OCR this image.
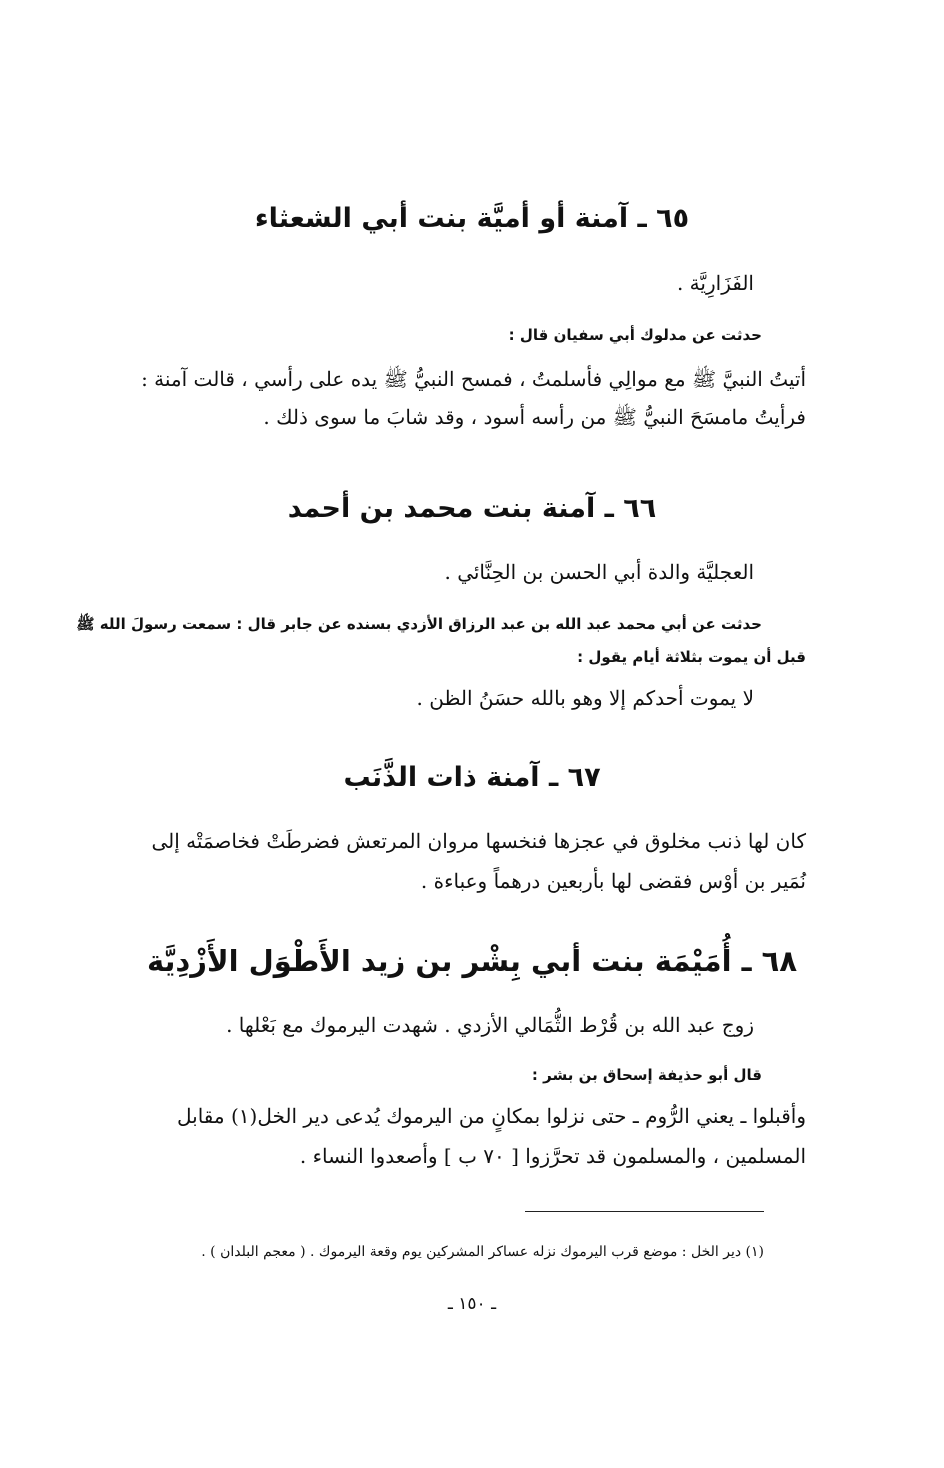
٦٥ ـ آمنة أو أميَّة بنت أبي الشعثاء
الفَزَارِيَّة .
حدثت عن مدلوك أبي سفيان قال :
أتيتُ النبيَّ ﷺ مع موالِي فأسلمتُ ، فمسح النبيُّ ﷺ يده على رأسي ، قالت آمنة :
فرأيتُ مامسَحَ النبيُّ ﷺ من رأسه أسود ، وقد شابَ ما سوى ذلك .
٦٦ ـ آمنة بنت محمد بن أحمد
العجليَّة والدة أبي الحسن بن الحِنَّائي .
حدثت عن أبي محمد عبد الله بن عبد الرزاق الأزدي بسنده عن جابر قال : سمعت رسولَ الله ﷺ
قبل أن يموت بثلاثة أيام يقول :
لا يموت أحدكم إلا وهو بالله حسَنُ الظن .
٦٧ ـ آمنة ذات الذَّنَب
كان لها ذنب مخلوق في عجزها فنخسها مروان المرتعش فضرطَتْ فخاصمَتْه إلى
نُمَير بن أوْس فقضى لها بأربعين درهماً وعباءة .
٦٨ ـ أُمَيْمَة بنت أبي بِشْر بن زيد الأَطْوَل الأَزْدِيَّة
زوج عبد الله بن قُرْط الثُّمَالي الأزدي . شهدت اليرموك مع بَعْلها .
قال أبو حذيفة إسحاق بن بشر :
وأقبلوا ـ يعني الرُّوم ـ حتى نزلوا بمكانٍ من اليرموك يُدعى دير الخل(١) مقابل
المسلمين ، والمسلمون قد تحرَّزوا [ ٧٠ ب ] وأصعدوا النساء .
(١) دير الخل : موضع قرب اليرموك نزله عساكر المشركين يوم وقعة اليرموك . ( معجم البلدان ) .
ـ ١٥٠ ـ
